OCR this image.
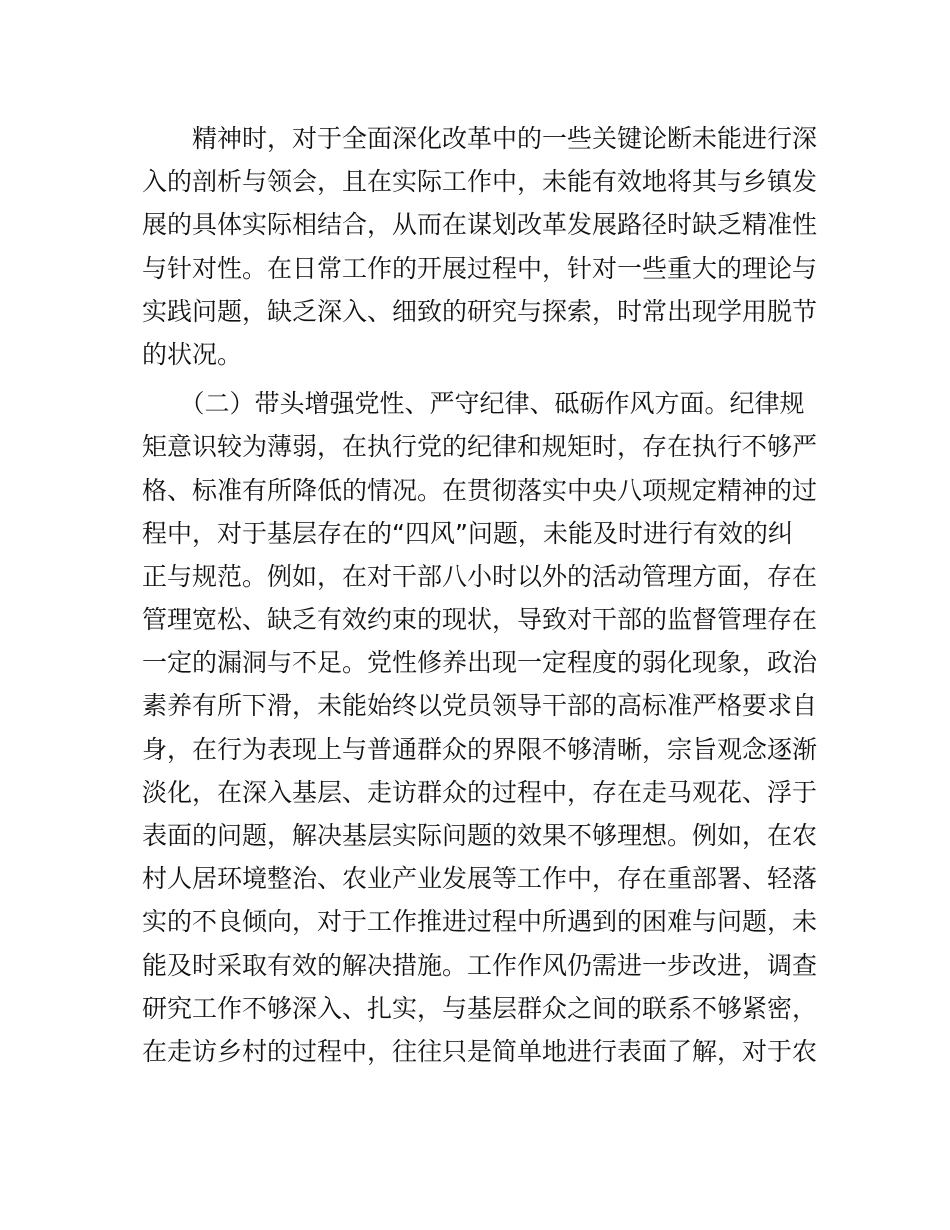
　　精神时，对于全面深化改革中的一些关键论断未能进行深
入的剖析与领会，且在实际工作中，未能有效地将其与乡镇发
展的具体实际相结合，从而在谋划改革发展路径时缺乏精准性
与针对性。在日常工作的开展过程中，针对一些重大的理论与
实践问题，缺乏深入、细致的研究与探索，时常出现学用脱节
的状况。
　　（二）带头增强党性、严守纪律、砥砺作风方面。纪律规
矩意识较为薄弱，在执行党的纪律和规矩时，存在执行不够严
格、标准有所降低的情况。在贯彻落实中央八项规定精神的过
程中，对于基层存在的“四风”问题，未能及时进行有效的纠
正与规范。例如，在对干部八小时以外的活动管理方面，存在
管理宽松、缺乏有效约束的现状，导致对干部的监督管理存在
一定的漏洞与不足。党性修养出现一定程度的弱化现象，政治
素养有所下滑，未能始终以党员领导干部的高标准严格要求自
身，在行为表现上与普通群众的界限不够清晰，宗旨观念逐渐
淡化，在深入基层、走访群众的过程中，存在走马观花、浮于
表面的问题，解决基层实际问题的效果不够理想。例如，在农
村人居环境整治、农业产业发展等工作中，存在重部署、轻落
实的不良倾向，对于工作推进过程中所遇到的困难与问题，未
能及时采取有效的解决措施。工作作风仍需进一步改进，调查
研究工作不够深入、扎实，与基层群众之间的联系不够紧密，
在走访乡村的过程中，往往只是简单地进行表面了解，对于农
